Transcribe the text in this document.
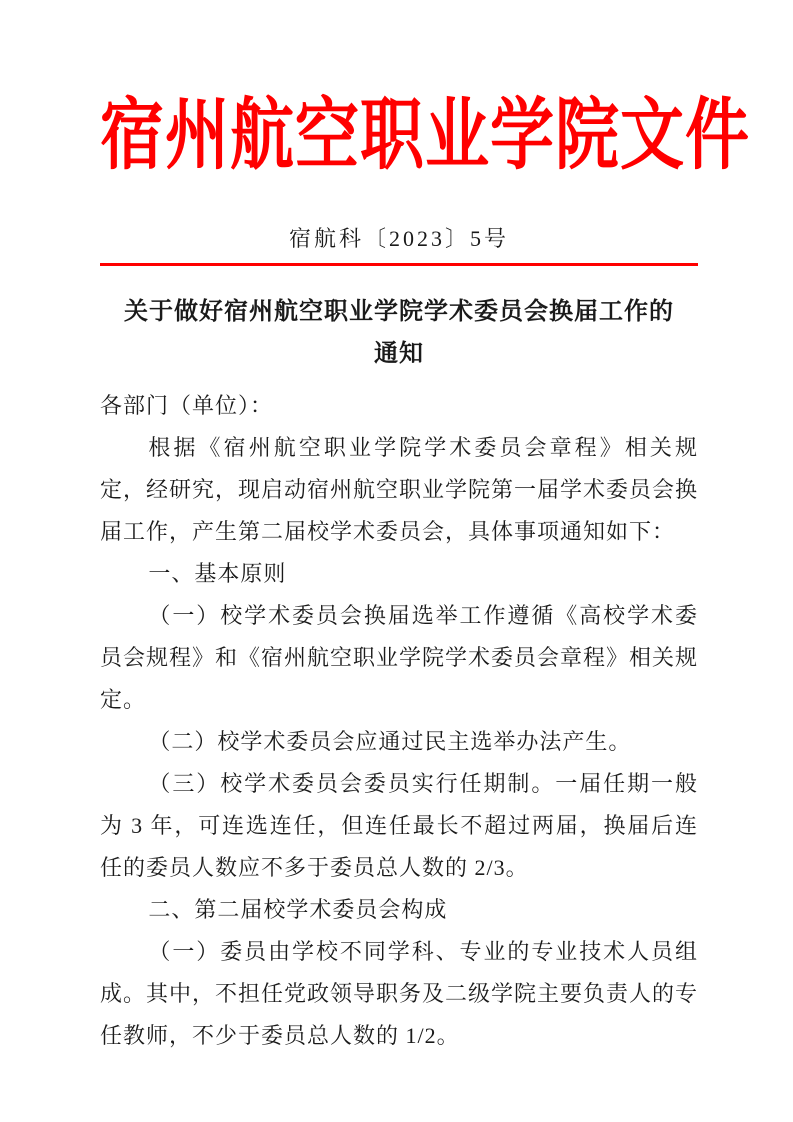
宿州航空职业学院文件
宿航科〔2023〕5号
关于做好宿州航空职业学院学术委员会换届工作的
通知

各部门（单位）：

根据《宿州航空职业学院学术委员会章程》相关规定，经研究，现启动宿州航空职业学院第一届学术委员会换届工作，产生第二届校学术委员会，具体事项通知如下：

一、基本原则

（一）校学术委员会换届选举工作遵循《高校学术委员会规程》和《宿州航空职业学院学术委员会章程》相关规定。

（二）校学术委员会应通过民主选举办法产生。

（三）校学术委员会委员实行任期制。一届任期一般为 3 年，可连选连任，但连任最长不超过两届，换届后连任的委员人数应不多于委员总人数的 2/3。

二、第二届校学术委员会构成

（一）委员由学校不同学科、专业的专业技术人员组成。其中，不担任党政领导职务及二级学院主要负责人的专任教师，不少于委员总人数的 1/2。
